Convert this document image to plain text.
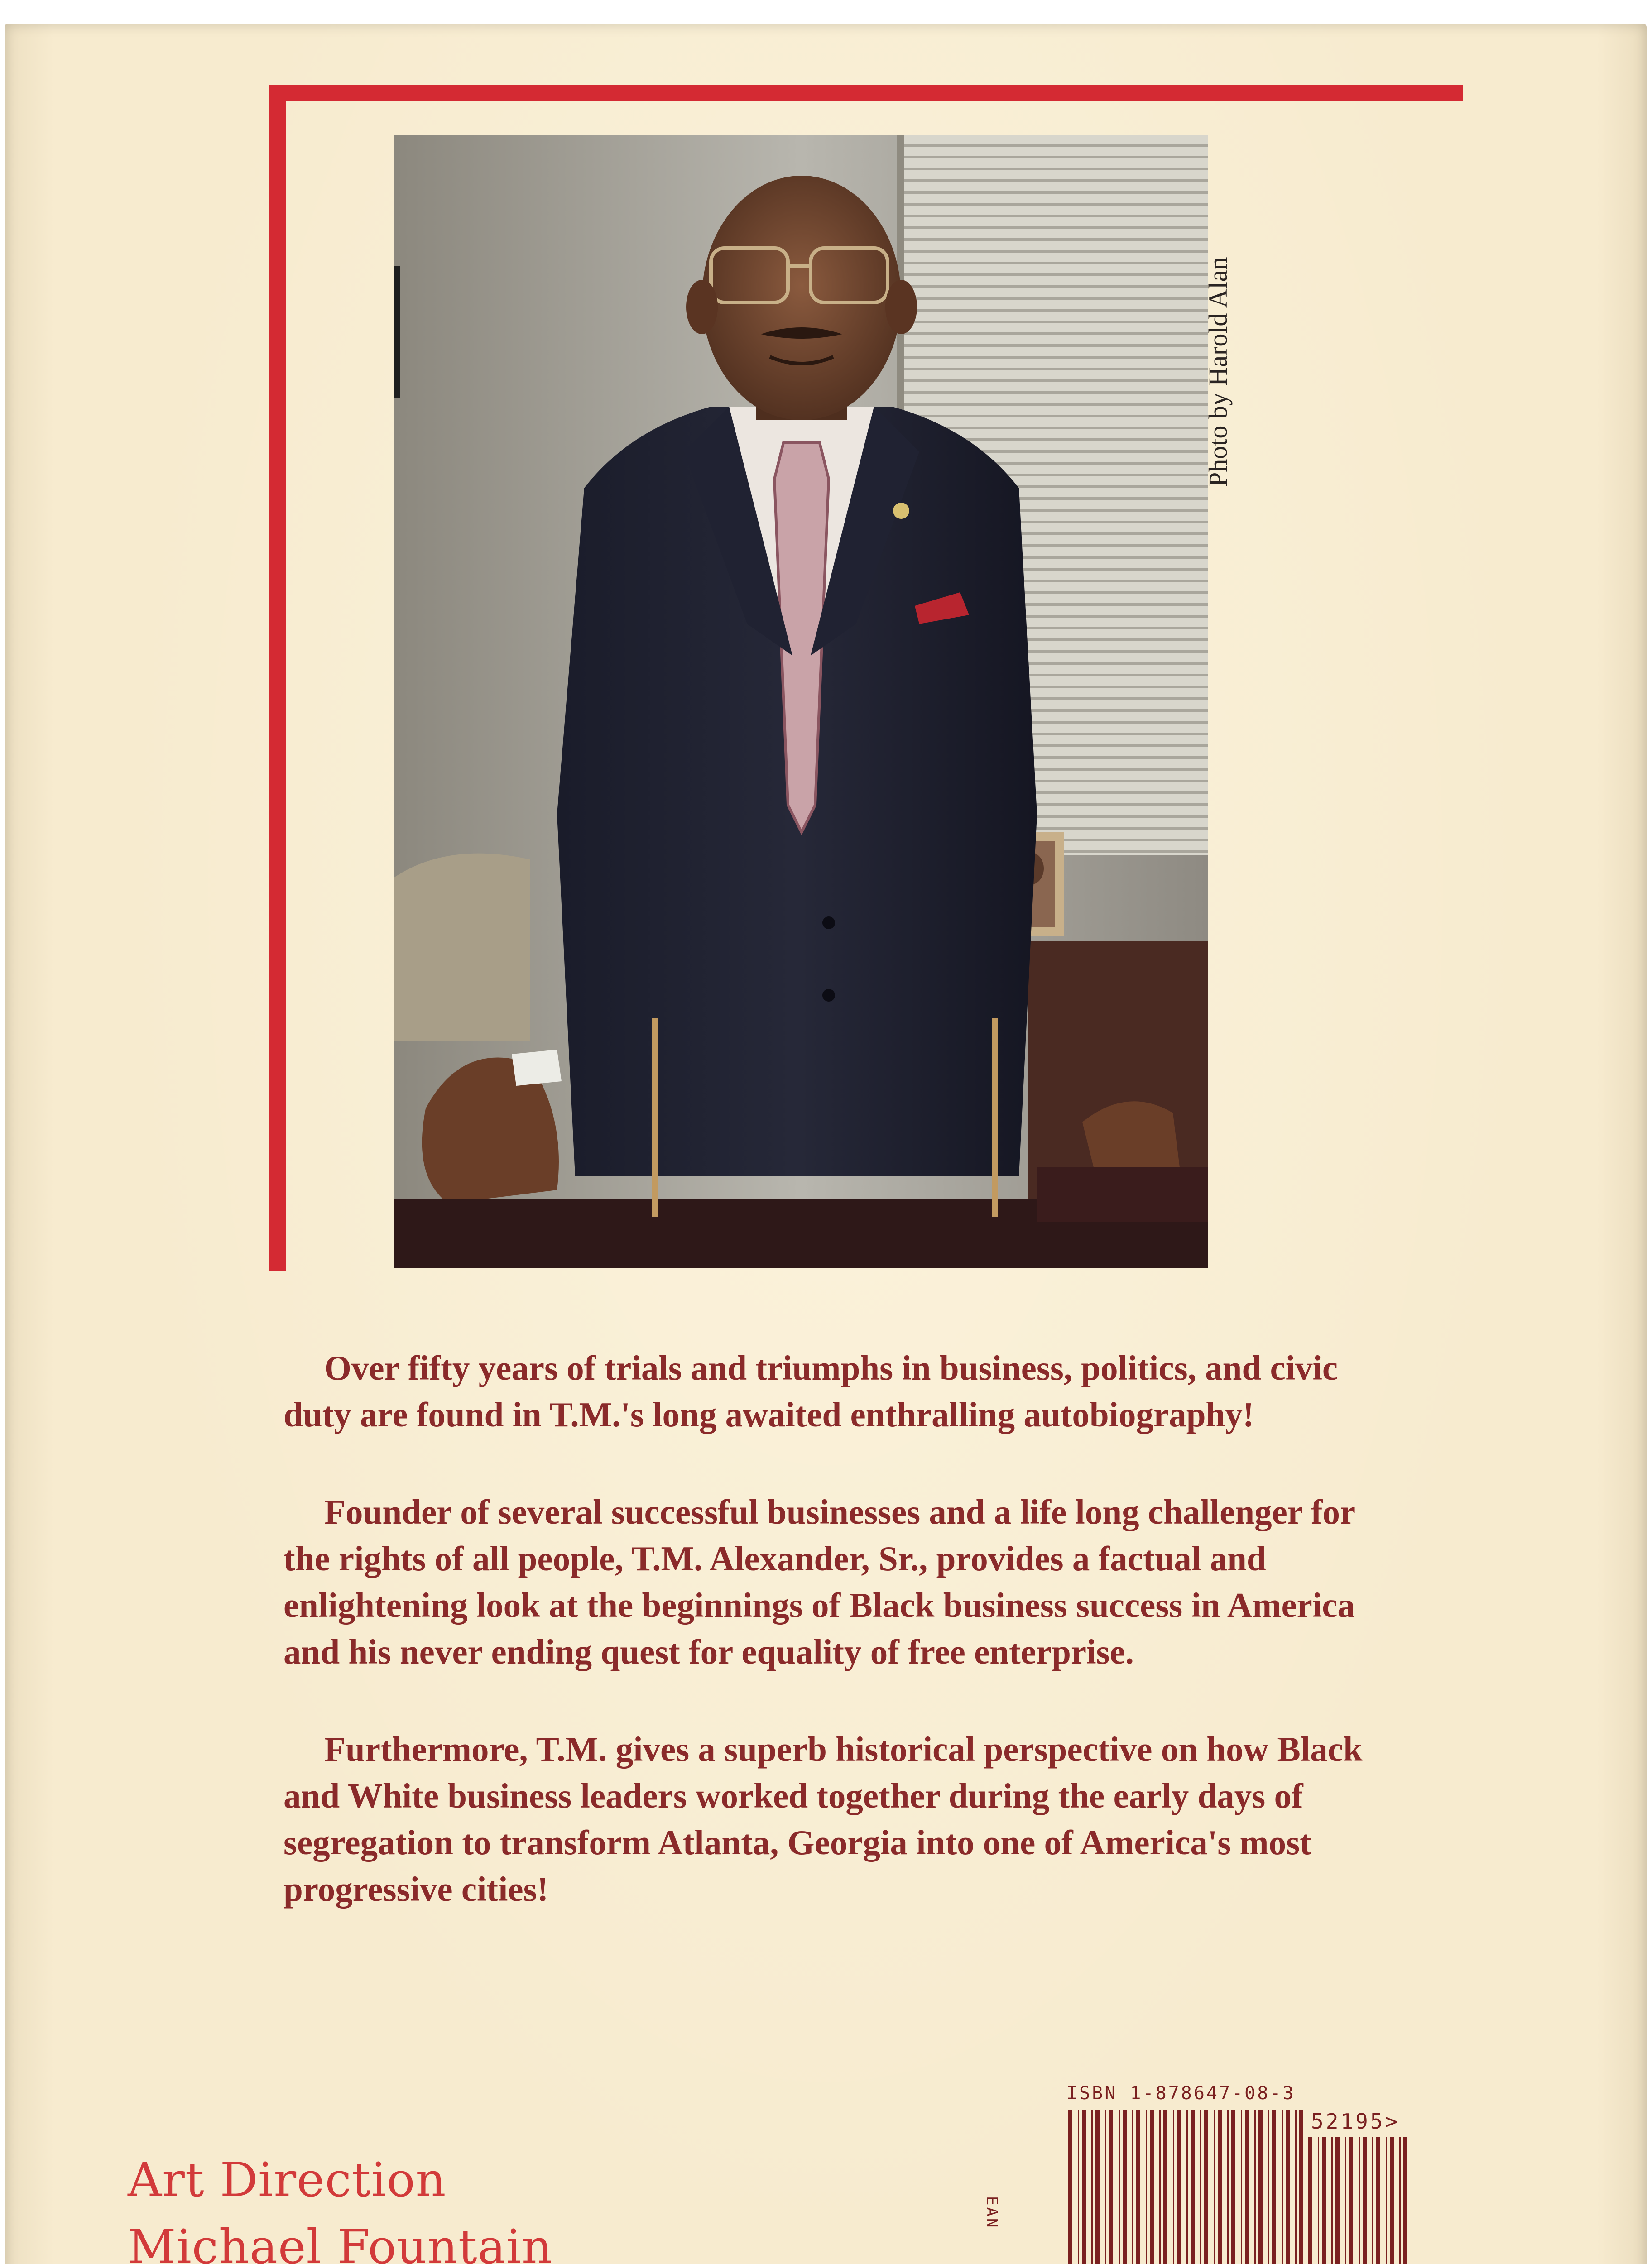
Photo by Harold Alan

Over fifty years of trials and triumphs in business, politics, and civic duty are found in T.M.'s long awaited enthralling autobiography!

Founder of several successful businesses and a life long challenger for the rights of all people, T.M. Alexander, Sr., provides a factual and enlightening look at the beginnings of Black business success in America and his never ending quest for equality of free enterprise.

Furthermore, T.M. gives a superb historical perspective on how Black and White business leaders worked together during the early days of segregation to transform Atlanta, Georgia into one of America's most progressive cities!

Art Direction
Michael Fountain
ISBN 1-878647-08-3
EAN
52195>
